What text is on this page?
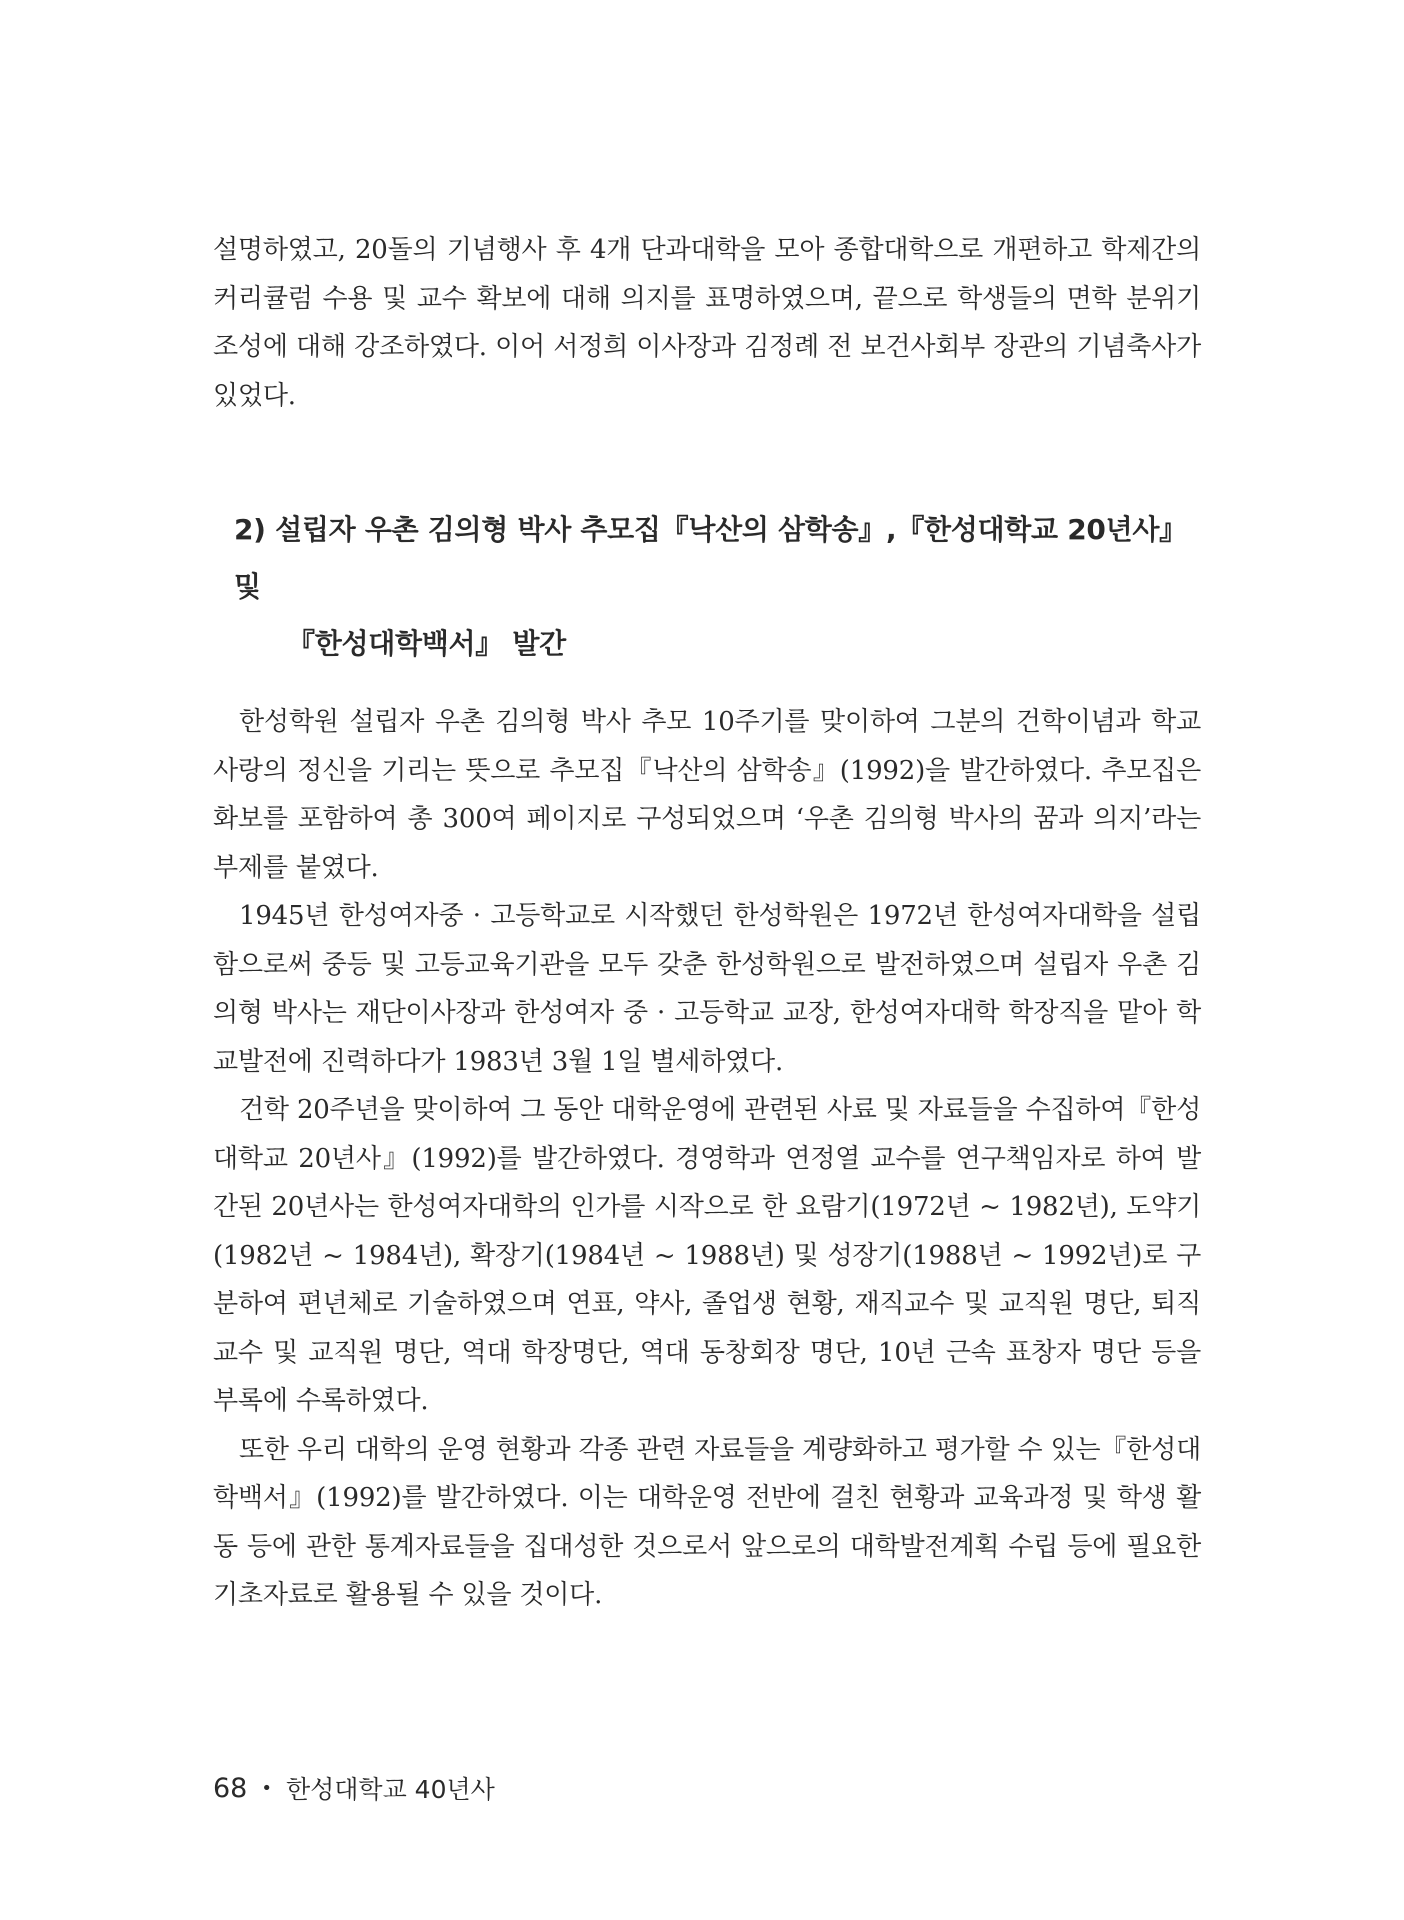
설명하였고, 20돌의 기념행사 후 4개 단과대학을 모아 종합대학으로 개편하고 학제간의 커리큘럼 수용 및 교수 확보에 대해 의지를 표명하였으며, 끝으로 학생들의 면학 분위기 조성에 대해 강조하였다. 이어 서정희 이사장과 김정례 전 보건사회부 장관의 기념축사가 있었다.

2) 설립자 우촌 김의형 박사 추모집『낙산의 삼학송』,『한성대학교 20년사』및
『한성대학백서』 발간

한성학원 설립자 우촌 김의형 박사 추모 10주기를 맞이하여 그분의 건학이념과 학교 사랑의 정신을 기리는 뜻으로 추모집『낙산의 삼학송』(1992)을 발간하였다. 추모집은 화보를 포함하여 총 300여 페이지로 구성되었으며 ‘우촌 김의형 박사의 꿈과 의지’라는 부제를 붙였다.

1945년 한성여자중 · 고등학교로 시작했던 한성학원은 1972년 한성여자대학을 설립함으로써 중등 및 고등교육기관을 모두 갖춘 한성학원으로 발전하였으며 설립자 우촌 김의형 박사는 재단이사장과 한성여자 중 · 고등학교 교장, 한성여자대학 학장직을 맡아 학교발전에 진력하다가 1983년 3월 1일 별세하였다.

건학 20주년을 맞이하여 그 동안 대학운영에 관련된 사료 및 자료들을 수집하여『한성대학교 20년사』(1992)를 발간하였다. 경영학과 연정열 교수를 연구책임자로 하여 발간된 20년사는 한성여자대학의 인가를 시작으로 한 요람기(1972년 ~ 1982년), 도약기(1982년 ~ 1984년), 확장기(1984년 ~ 1988년) 및 성장기(1988년 ~ 1992년)로 구분하여 편년체로 기술하였으며 연표, 약사, 졸업생 현황, 재직교수 및 교직원 명단, 퇴직교수 및 교직원 명단, 역대 학장명단, 역대 동창회장 명단, 10년 근속 표창자 명단 등을 부록에 수록하였다.

또한 우리 대학의 운영 현황과 각종 관련 자료들을 계량화하고 평가할 수 있는『한성대학백서』(1992)를 발간하였다. 이는 대학운영 전반에 걸친 현황과 교육과정 및 학생 활동 등에 관한 통계자료들을 집대성한 것으로서 앞으로의 대학발전계획 수립 등에 필요한 기초자료로 활용될 수 있을 것이다.

68 • 한성대학교 40년사
